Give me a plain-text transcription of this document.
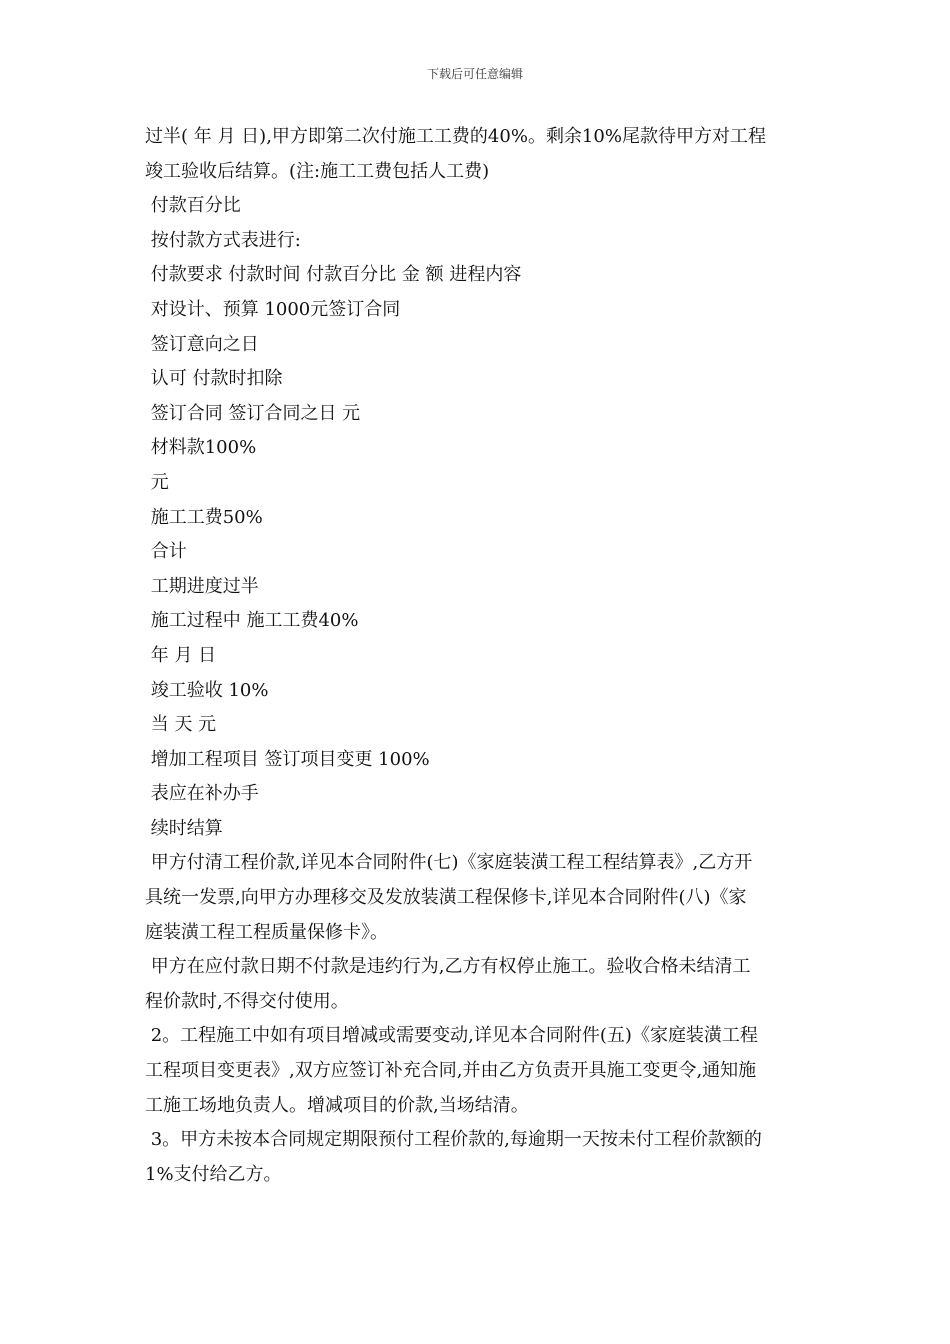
下载后可任意编辑
过半( 年 月 日),甲方即第二次付施工工费的40%。剩余10%尾款待甲方对工程
竣工验收后结算。(注:施工工费包括人工费)
付款百分比
按付款方式表进行:
付款要求 付款时间 付款百分比 金 额 进程内容
对设计、预算 1000元签订合同
签订意向之日
认可 付款时扣除
签订合同 签订合同之日 元
材料款100%
元
施工工费50%
合计
工期进度过半
施工过程中 施工工费40%
年 月 日
竣工验收 10%
当 天 元
增加工程项目 签订项目变更 100%
表应在补办手
续时结算
甲方付清工程价款,详见本合同附件(七)《家庭装潢工程工程结算表》,乙方开
具统一发票,向甲方办理移交及发放装潢工程保修卡,详见本合同附件(八)《家
庭装潢工程工程质量保修卡》。
甲方在应付款日期不付款是违约行为,乙方有权停止施工。验收合格未结清工
程价款时,不得交付使用。
2。工程施工中如有项目增减或需要变动,详见本合同附件(五)《家庭装潢工程
工程项目变更表》,双方应签订补充合同,并由乙方负责开具施工变更令,通知施
工施工场地负责人。增减项目的价款,当场结清。
3。甲方未按本合同规定期限预付工程价款的,每逾期一天按未付工程价款额的
1%支付给乙方。
